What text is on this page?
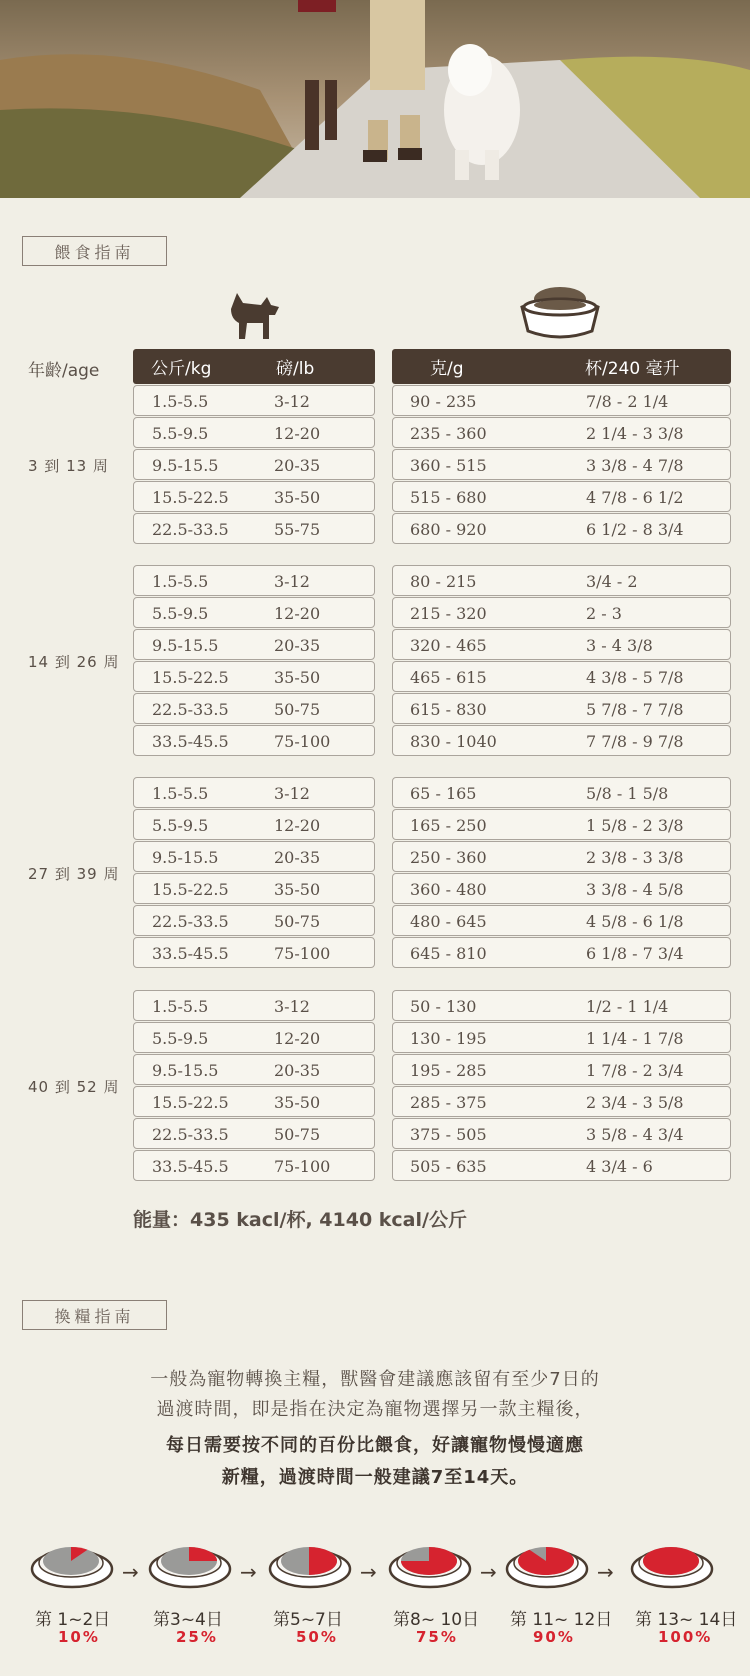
餵食指南
年齡/age	公斤/kg	磅/lb	克/g	杯/240 毫升
3 到 13 周
1.5-5.5	3-12	90 - 235	7/8 - 2 1/4
5.5-9.5	12-20	235 - 360	2 1/4 - 3 3/8
9.5-15.5	20-35	360 - 515	3 3/8 - 4 7/8
15.5-22.5	35-50	515 - 680	4 7/8 - 6 1/2
22.5-33.5	55-75	680 - 920	6 1/2 - 8 3/4
14 到 26 周
1.5-5.5	3-12	80 - 215	3/4 - 2
5.5-9.5	12-20	215 - 320	2 - 3
9.5-15.5	20-35	320 - 465	3 - 4 3/8
15.5-22.5	35-50	465 - 615	4 3/8 - 5 7/8
22.5-33.5	50-75	615 - 830	5 7/8 - 7 7/8
33.5-45.5	75-100	830 - 1040	7 7/8 - 9 7/8
27 到 39 周
1.5-5.5	3-12	65 - 165	5/8 - 1 5/8
5.5-9.5	12-20	165 - 250	1 5/8 - 2 3/8
9.5-15.5	20-35	250 - 360	2 3/8 - 3 3/8
15.5-22.5	35-50	360 - 480	3 3/8 - 4 5/8
22.5-33.5	50-75	480 - 645	4 5/8 - 6 1/8
33.5-45.5	75-100	645 - 810	6 1/8 - 7 3/4
40 到 52 周
1.5-5.5	3-12	50 - 130	1/2 - 1 1/4
5.5-9.5	12-20	130 - 195	1 1/4 - 1 7/8
9.5-15.5	20-35	195 - 285	1 7/8 - 2 3/4
15.5-22.5	35-50	285 - 375	2 3/4 - 3 5/8
22.5-33.5	50-75	375 - 505	3 5/8 - 4 3/4
33.5-45.5	75-100	505 - 635	4 3/4 - 6
能量：435 kacl/杯, 4140 kcal/公斤
換糧指南
一般為寵物轉換主糧，獸醫會建議應該留有至少7日的
過渡時間，即是指在決定為寵物選擇另一款主糧後，
每日需要按不同的百份比餵食，好讓寵物慢慢適應
新糧，過渡時間一般建議7至14天。
第 1~2日
10%
→
第3~4日
25%
→
第5~7日
50%
→
第8~ 10日
75%
→
第 11~ 12日
90%
→
第 13~ 14日
100%
